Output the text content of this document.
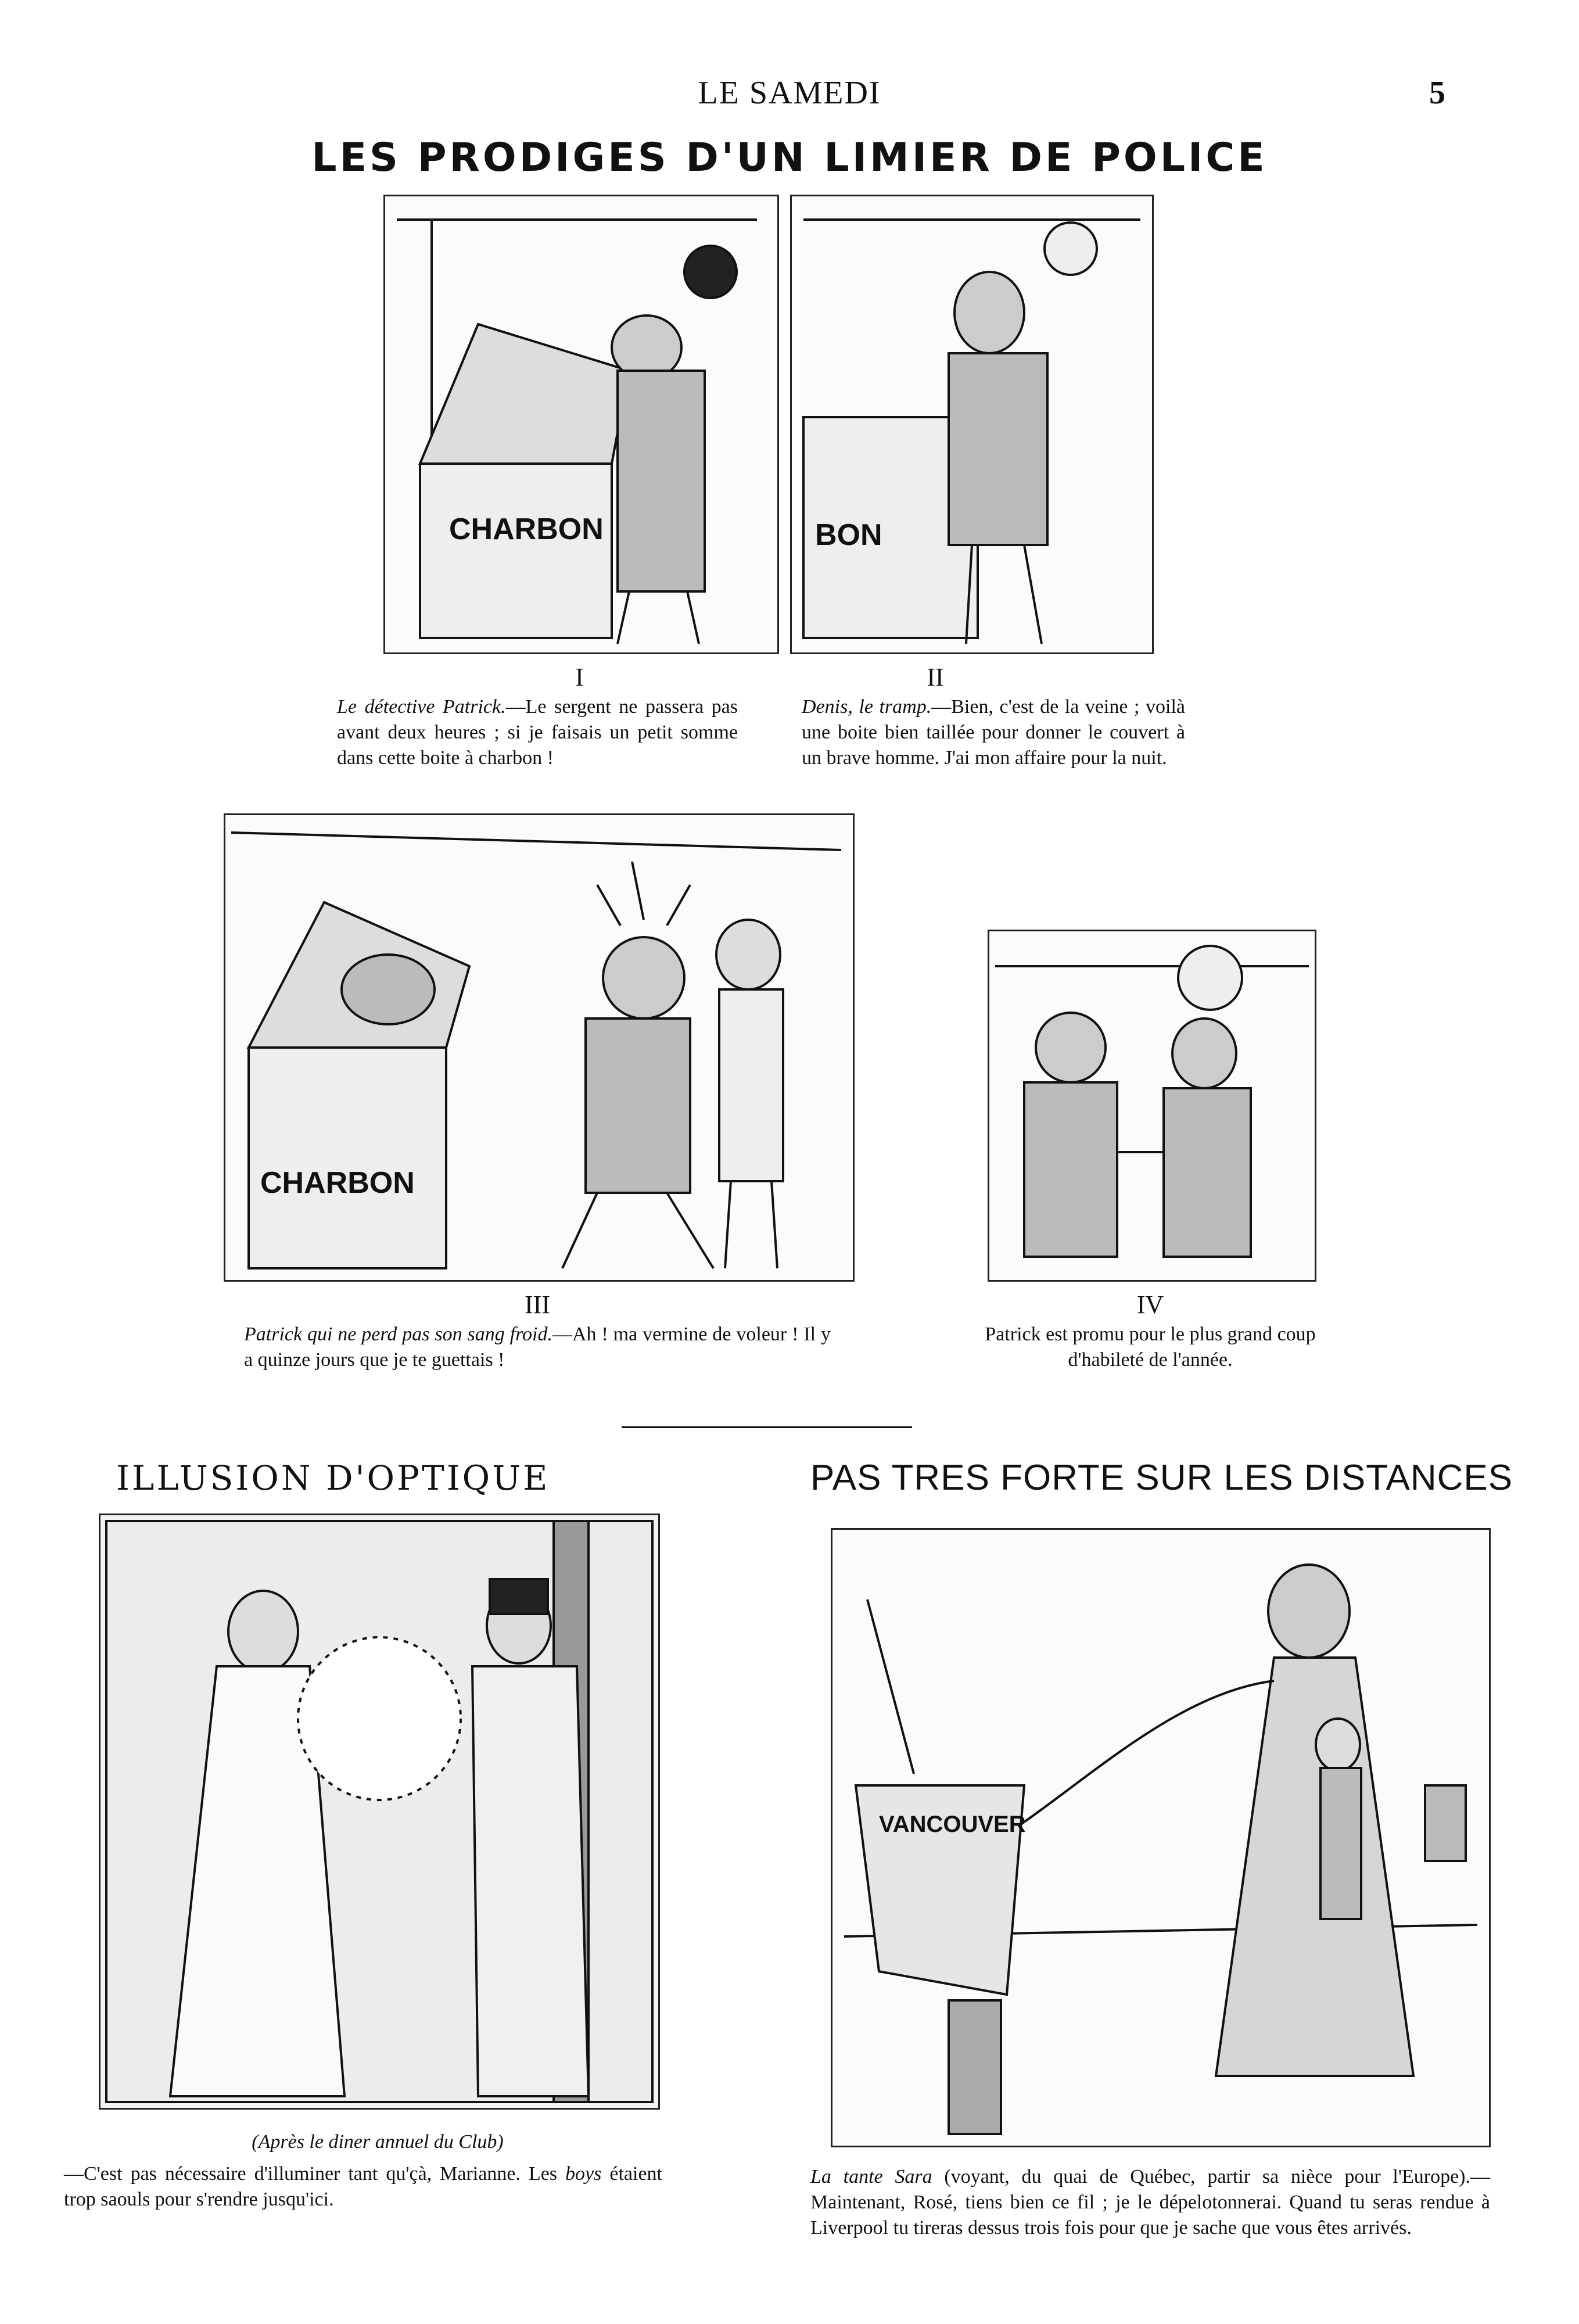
LE SAMEDI	5
LES PRODIGES D'UN LIMIER DE POLICE
CHARBON
I
Le détective Patrick.—Le sergent ne passera pas avant deux heures ; si je faisais un petit somme dans cette boite à charbon !
BON
II
Denis, le tramp.—Bien, c'est de la veine ; voilà une boite bien taillée pour donner le couvert à un brave homme. J'ai mon affaire pour la nuit.
CHARBON
III
Patrick qui ne perd pas son sang froid.—Ah ! ma vermine de voleur ! Il y a quinze jours que je te guettais !
IV
Patrick est promu pour le plus grand coup d'habileté de l'année.
ILLUSION D'OPTIQUE
(Après le diner annuel du Club)
—C'est pas nécessaire d'illuminer tant qu'çà, Marianne. Les boys étaient trop saouls pour s'rendre jusqu'ici.
PAS TRES FORTE SUR LES DISTANCES
VANCOUVER
La tante Sara (voyant, du quai de Québec, partir sa nièce pour l'Europe).—Maintenant, Rosé, tiens bien ce fil ; je le dépelotonnerai. Quand tu seras rendue à Liverpool tu tireras dessus trois fois pour que je sache que vous êtes arrivés.
